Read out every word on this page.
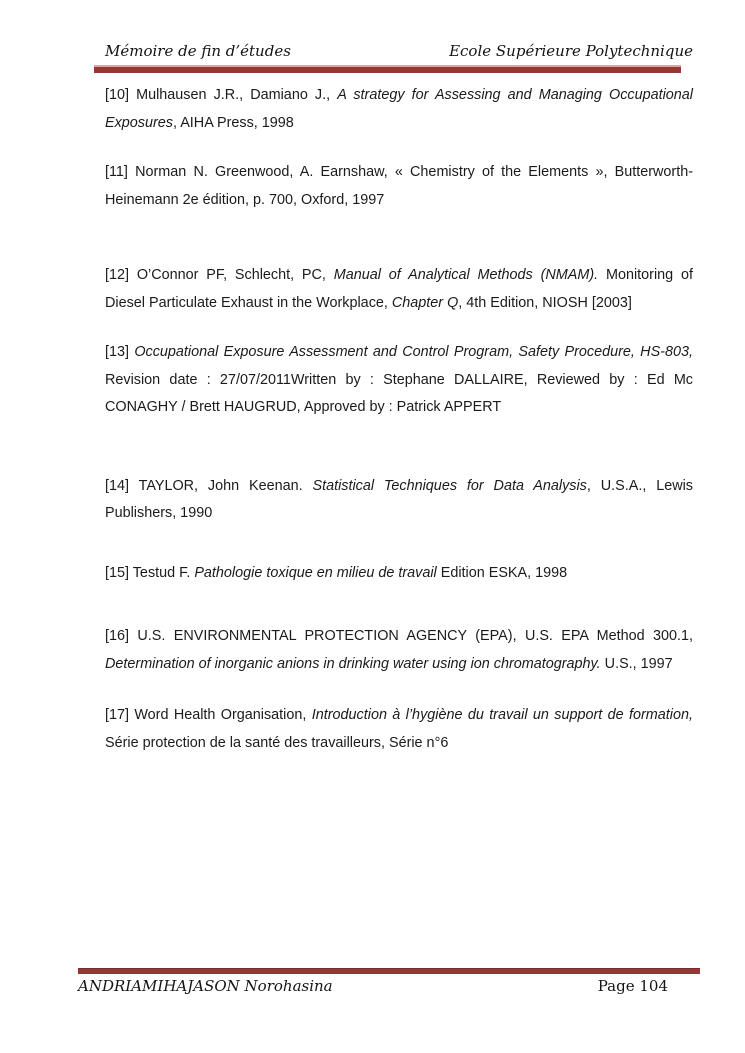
Mémoire de fin d’études	Ecole Supérieure Polytechnique

[10] Mulhausen J.R., Damiano J., A strategy for Assessing and Managing Occupational Exposures, AIHA Press, 1998

[11] Norman N. Greenwood, A. Earnshaw, « Chemistry of the Elements », Butterworth-Heinemann 2e édition, p. 700, Oxford, 1997

[12] O’Connor PF, Schlecht, PC, Manual of Analytical Methods (NMAM). Monitoring of Diesel Particulate Exhaust in the Workplace, Chapter Q, 4th Edition, NIOSH [2003]

[13] Occupational Exposure Assessment and Control Program, Safety Procedure, HS-803, Revision date : 27/07/2011Written by : Stephane DALLAIRE, Reviewed by : Ed Mc CONAGHY / Brett HAUGRUD, Approved by : Patrick APPERT

[14] TAYLOR, John Keenan. Statistical Techniques for Data Analysis, U.S.A., Lewis Publishers, 1990

[15] Testud F. Pathologie toxique en milieu de travail Edition ESKA, 1998

[16] U.S. ENVIRONMENTAL PROTECTION AGENCY (EPA), U.S. EPA Method 300.1, Determination of inorganic anions in drinking water using ion chromatography. U.S., 1997

[17] Word Health Organisation, Introduction à l’hygiène du travail un support de formation, Série protection de la santé des travailleurs, Série n°6

ANDRIAMIHAJASON Norohasina	Page 104
